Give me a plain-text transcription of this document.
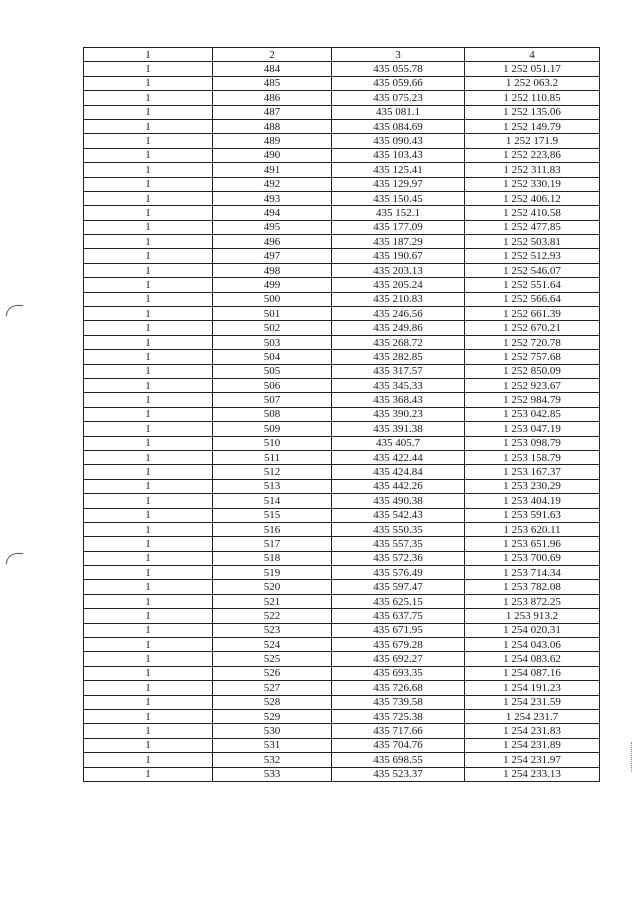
1	2	3	4
1	484	435 055.78	1 252 051.17
1	485	435 059.66	1 252 063.2
1	486	435 075.23	1 252 110.85
1	487	435 081.1	1 252 135.06
1	488	435 084.69	1 252 149.79
1	489	435 090.43	1 252 171.9
1	490	435 103.43	1 252 223.86
1	491	435 125.41	1 252 311.83
1	492	435 129.97	1 252 330.19
1	493	435 150.45	1 252 406.12
1	494	435 152.1	1 252 410.58
1	495	435 177.09	1 252 477.85
1	496	435 187.29	1 252 503.81
1	497	435 190.67	1 252 512.93
1	498	435 203.13	1 252 546.07
1	499	435 205.24	1 252 551.64
1	500	435 210.83	1 252 566.64
1	501	435 246.56	1 252 661.39
1	502	435 249.86	1 252 670.21
1	503	435 268.72	1 252 720.78
1	504	435 282.85	1 252 757.68
1	505	435 317.57	1 252 850.09
1	506	435 345.33	1 252 923.67
1	507	435 368.43	1 252 984.79
1	508	435 390.23	1 253 042.85
1	509	435 391.38	1 253 047.19
1	510	435 405.7	1 253 098.79
1	511	435 422.44	1 253 158.79
1	512	435 424.84	1 253 167.37
1	513	435 442.26	1 253 230.29
1	514	435 490.38	1 253 404.19
1	515	435 542.43	1 253 591.63
1	516	435 550.35	1 253 620.11
1	517	435 557.35	1 253 651.96
1	518	435 572.36	1 253 700.69
1	519	435 576.49	1 253 714.34
1	520	435 597.47	1 253 782.08
1	521	435 625.15	1 253 872.25
1	522	435 637.75	1 253 913.2
1	523	435 671.95	1 254 020.31
1	524	435 679.28	1 254 043.06
1	525	435 692.27	1 254 083.62
1	526	435 693.35	1 254 087.16
1	527	435 726.68	1 254 191.23
1	528	435 739.58	1 254 231.59
1	529	435 725.38	1 254 231.7
1	530	435 717.66	1 254 231.83
1	531	435 704.76	1 254 231.89
1	532	435 698.55	1 254 231.97
1	533	435 523.37	1 254 233.13
